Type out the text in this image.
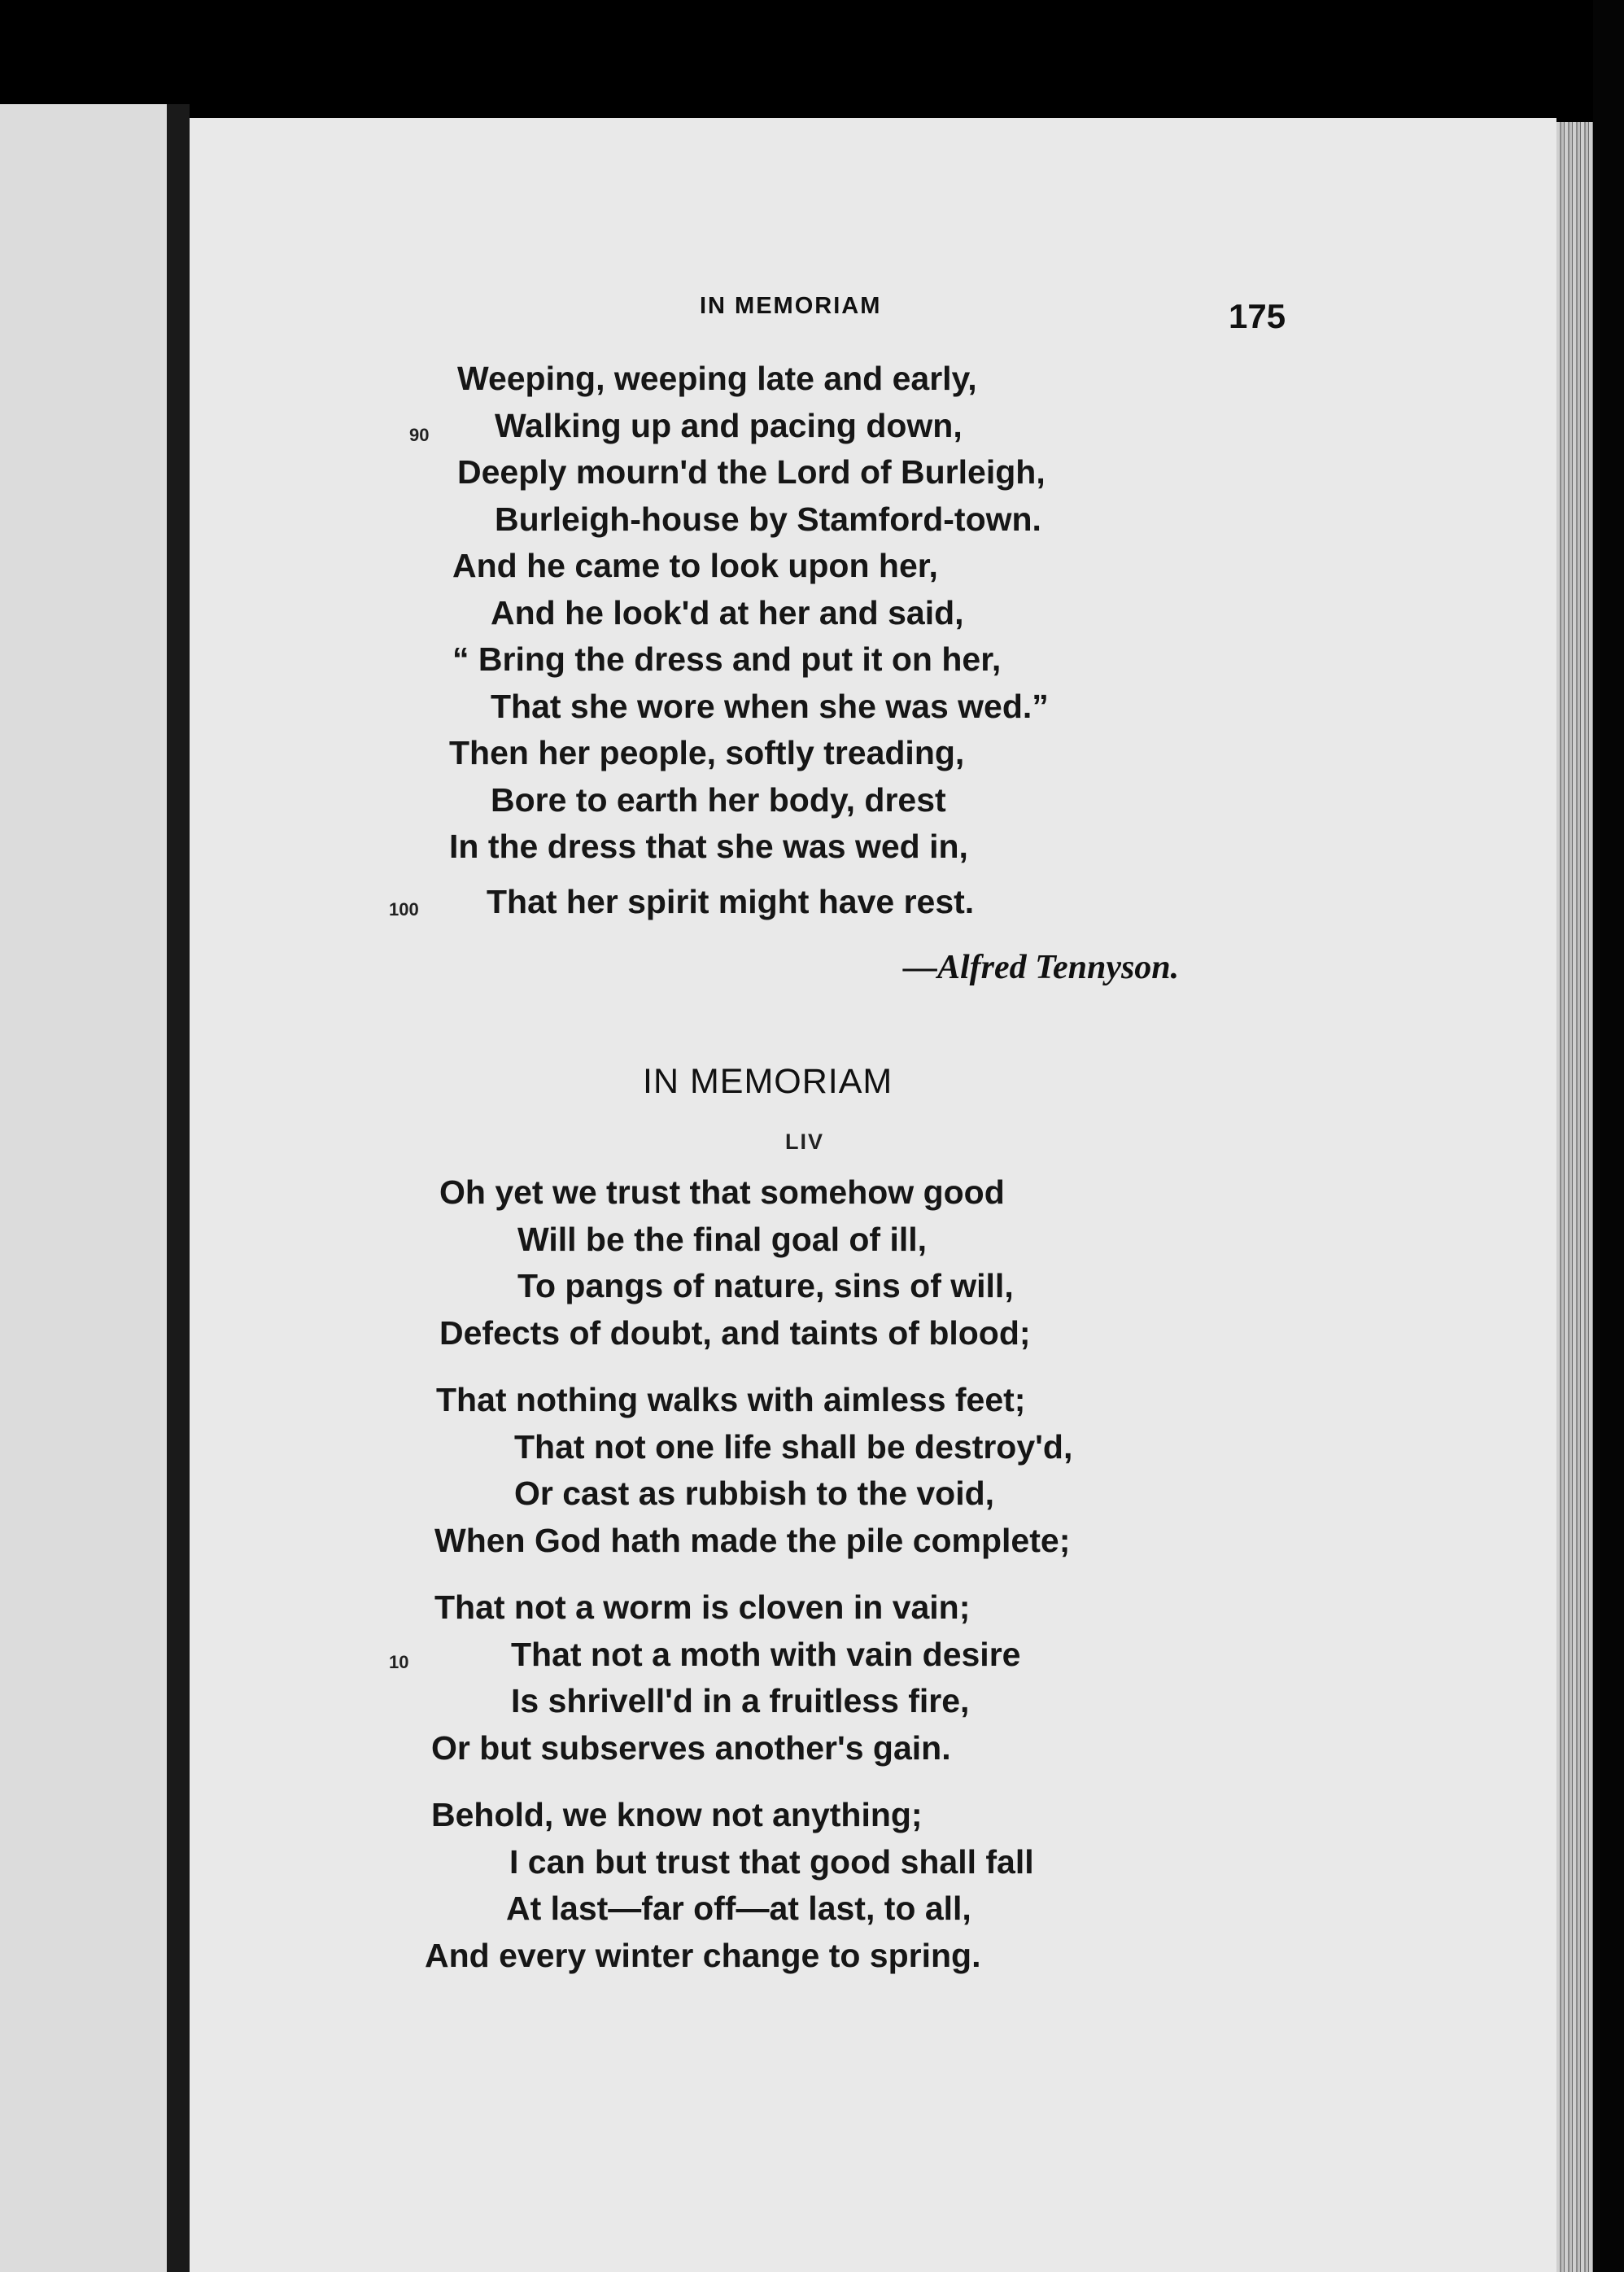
IN MEMORIAM	175
Weeping, weeping late and early,
90 Walking up and pacing down,
Deeply mourn'd the Lord of Burleigh,
Burleigh-house by Stamford-town.
And he came to look upon her,
And he look'd at her and said,
“ Bring the dress and put it on her,
That she wore when she was wed.”
Then her people, softly treading,
Bore to earth her body, drest
In the dress that she was wed in,
100 That her spirit might have rest.
—Alfred Tennyson.
IN MEMORIAM
LIV
Oh yet we trust that somehow good
Will be the final goal of ill,
To pangs of nature, sins of will,
Defects of doubt, and taints of blood;
That nothing walks with aimless feet;
That not one life shall be destroy'd,
Or cast as rubbish to the void,
When God hath made the pile complete;
That not a worm is cloven in vain;
10	That not a moth with vain desire
Is shrivell'd in a fruitless fire,
Or but subserves another's gain.
Behold, we know not anything;
I can but trust that good shall fall
At last—far off—at last, to all,
And every winter change to spring.
